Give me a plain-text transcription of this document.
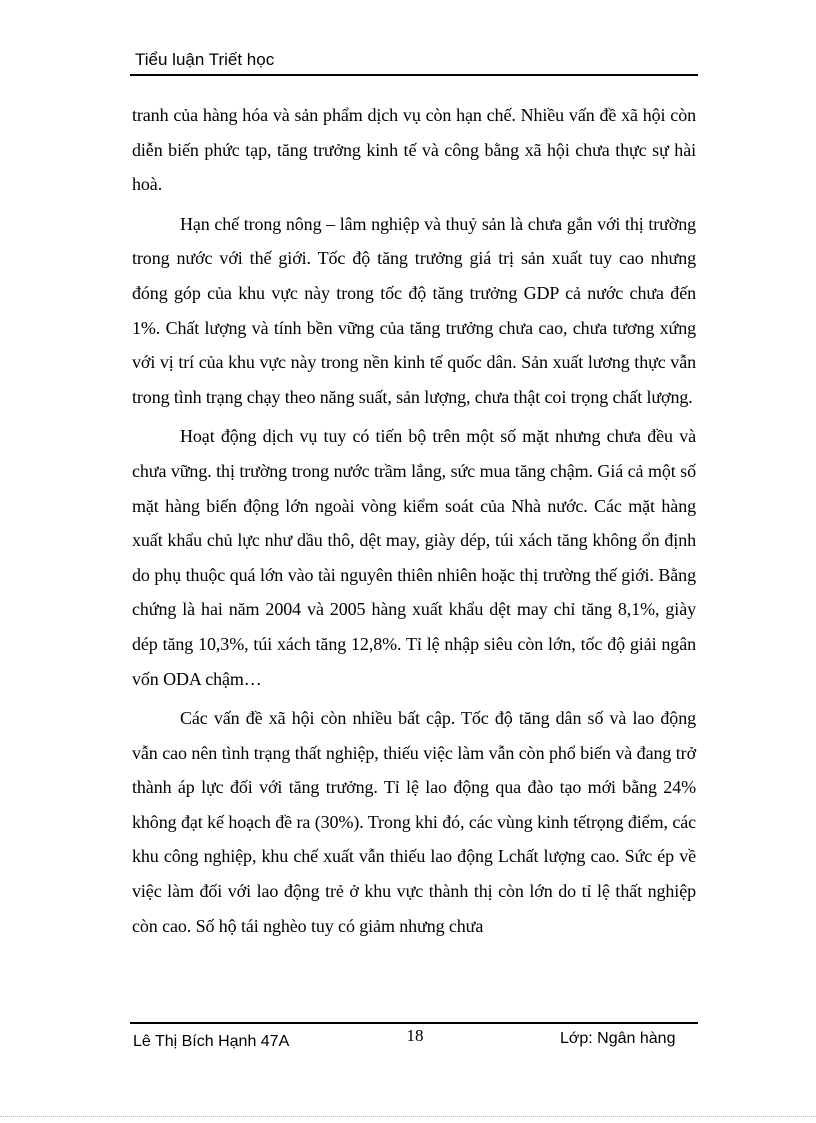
Tiểu luận Triết học

tranh của hàng hóa và sản phẩm dịch vụ còn hạn chế. Nhiều vấn đề xã hội còn diễn biến phức tạp, tăng trưởng kinh tế và công bằng xã hội chưa thực sự hài hoà.

Hạn chế trong nông – lâm nghiệp và thuỷ sản là chưa gắn với thị trường trong nước với thế giới. Tốc độ tăng trưởng giá trị sản xuất tuy cao nhưng đóng góp của khu vực này trong tốc độ tăng trưởng GDP cả nước chưa đến 1%. Chất lượng và tính bền vững của tăng trưởng chưa cao, chưa tương xứng với vị trí của khu vực này trong nền kinh tế quốc dân. Sản xuất lương thực vẫn trong tình trạng chạy theo năng suất, sản lượng, chưa thật coi trọng chất lượng.

Hoạt động dịch vụ tuy có tiến bộ trên một số mặt nhưng chưa đều và chưa vững. thị trường trong nước trầm lắng, sức mua tăng chậm. Giá cả một số mặt hàng biến động lớn ngoài vòng kiểm soát của Nhà nước. Các mặt hàng xuất khẩu chủ lực như dầu thô, dệt may, giày dép, túi xách tăng không ổn định do phụ thuộc quá lớn vào tài nguyên thiên nhiên hoặc thị trường thế giới. Bằng chứng là hai năm 2004 và 2005 hàng xuất khẩu dệt may chỉ tăng 8,1%, giày dép tăng 10,3%, túi xách tăng 12,8%. Tỉ lệ nhập siêu còn lớn, tốc độ giải ngân vốn ODA chậm…

Các vấn đề xã hội còn nhiều bất cập. Tốc độ tăng dân số và lao động vẫn cao nên tình trạng thất nghiệp, thiếu việc làm vẫn còn phổ biến và đang trở thành áp lực đối với tăng trưởng. Tỉ lệ lao động qua đào tạo mới bằng 24% không đạt kế hoạch đề ra (30%). Trong khi đó, các vùng kinh tếtrọng điểm, các khu công nghiệp, khu chế xuất vẫn thiếu lao động Lchất lượng cao. Sức ép về việc làm đối với lao động trẻ ở khu vực thành thị còn lớn do tỉ lệ thất nghiệp còn cao. Số hộ tái nghèo tuy có giảm nhưng chưa

Lê Thị Bích Hạnh 47A	18	Lớp: Ngân hàng
